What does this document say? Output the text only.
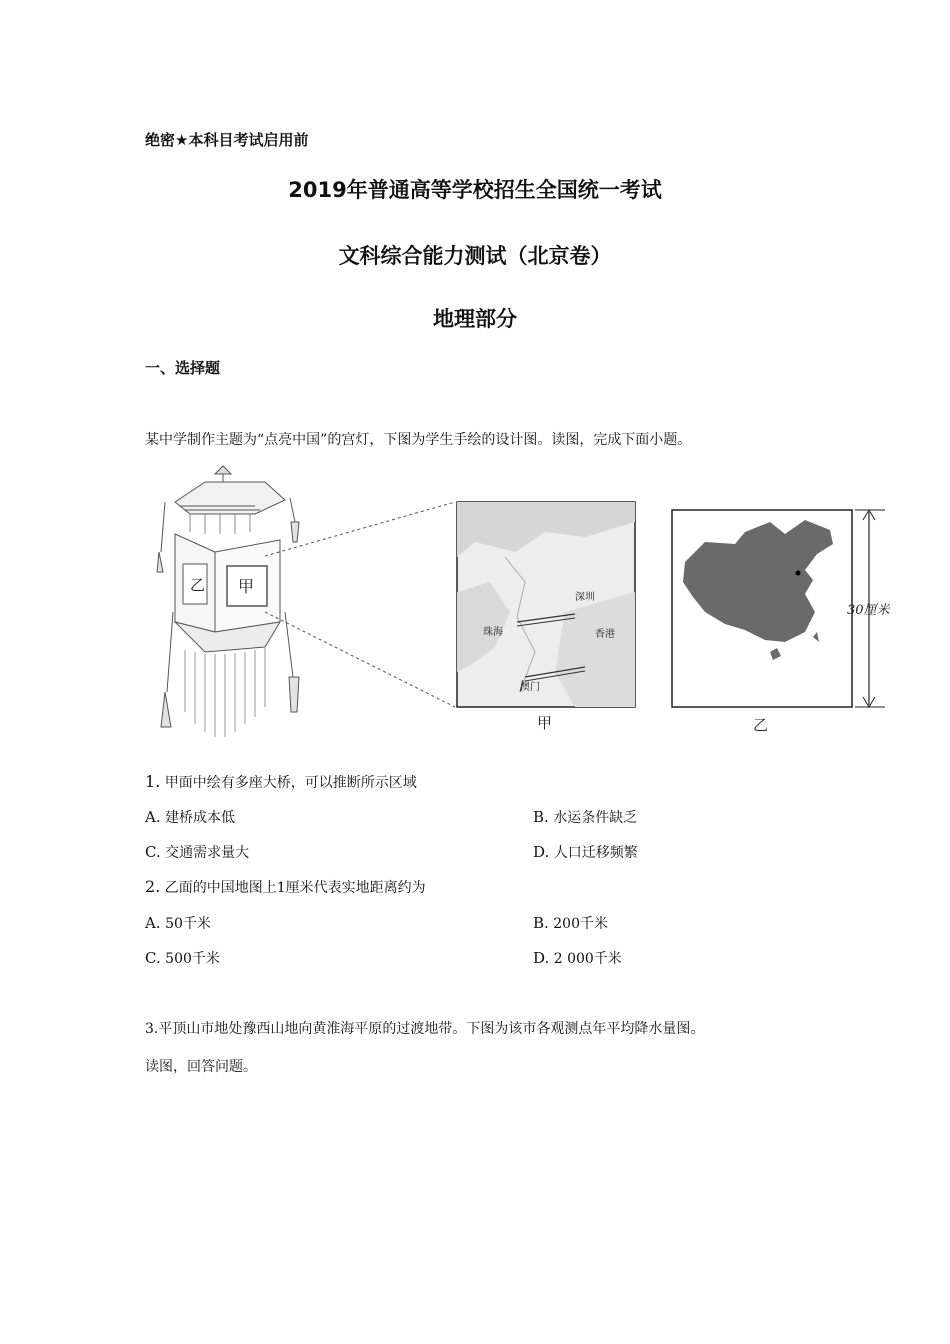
绝密★本科目考试启用前
2019年普通高等学校招生全国统一考试
文科综合能力测试（北京卷）
地理部分
一、选择题
某中学制作主题为“点亮中国”的宫灯，下图为学生手绘的设计图。读图，完成下面小题。
乙 甲
深圳
珠海	香港
澳门
甲
30厘米
乙
1. 甲面中绘有多座大桥，可以推断所示区域
A. 建桥成本低	B. 水运条件缺乏
C. 交通需求量大	D. 人口迁移频繁
2. 乙面的中国地图上1厘米代表实地距离约为
A. 50千米	B. 200千米
C. 500千米	D. 2 000千米
3.平顶山市地处豫西山地向黄淮海平原的过渡地带。下图为该市各观测点年平均降水量图。
读图，回答问题。
